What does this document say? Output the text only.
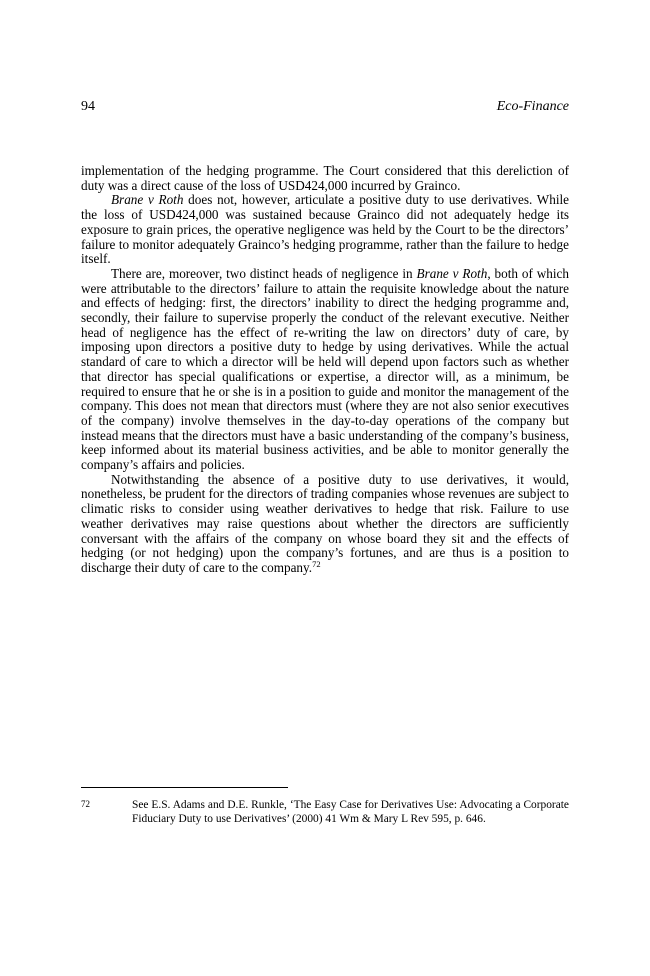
94	Eco-Finance

implementation of the hedging programme. The Court considered that this dereliction of duty was a direct cause of the loss of USD424,000 incurred by Grainco.

Brane v Roth does not, however, articulate a positive duty to use derivatives. While the loss of USD424,000 was sustained because Grainco did not adequately hedge its exposure to grain prices, the operative negligence was held by the Court to be the directors’ failure to monitor adequately Grainco’s hedging programme, rather than the failure to hedge itself.

There are, moreover, two distinct heads of negligence in Brane v Roth, both of which were attributable to the directors’ failure to attain the requisite knowledge about the nature and effects of hedging: first, the directors’ inability to direct the hedging programme and, secondly, their failure to supervise properly the conduct of the relevant executive. Neither head of negligence has the effect of re-writing the law on directors’ duty of care, by imposing upon directors a positive duty to hedge by using derivatives. While the actual standard of care to which a director will be held will depend upon factors such as whether that director has special qualifications or expertise, a director will, as a minimum, be required to ensure that he or she is in a position to guide and monitor the management of the company. This does not mean that directors must (where they are not also senior executives of the company) involve themselves in the day-to-day operations of the company but instead means that the directors must have a basic understanding of the company’s business, keep informed about its material business activities, and be able to monitor generally the company’s affairs and policies.

Notwithstanding the absence of a positive duty to use derivatives, it would, nonetheless, be prudent for the directors of trading companies whose revenues are subject to climatic risks to consider using weather derivatives to hedge that risk. Failure to use weather derivatives may raise questions about whether the directors are sufficiently conversant with the affairs of the company on whose board they sit and the effects of hedging (or not hedging) upon the company’s fortunes, and are thus is a position to discharge their duty of care to the company.$^{72}$

72	See E.S. Adams and D.E. Runkle, ‘The Easy Case for Derivatives Use: Advocating a Corporate Fiduciary Duty to use Derivatives’ (2000) 41 Wm & Mary L Rev 595, p. 646.
